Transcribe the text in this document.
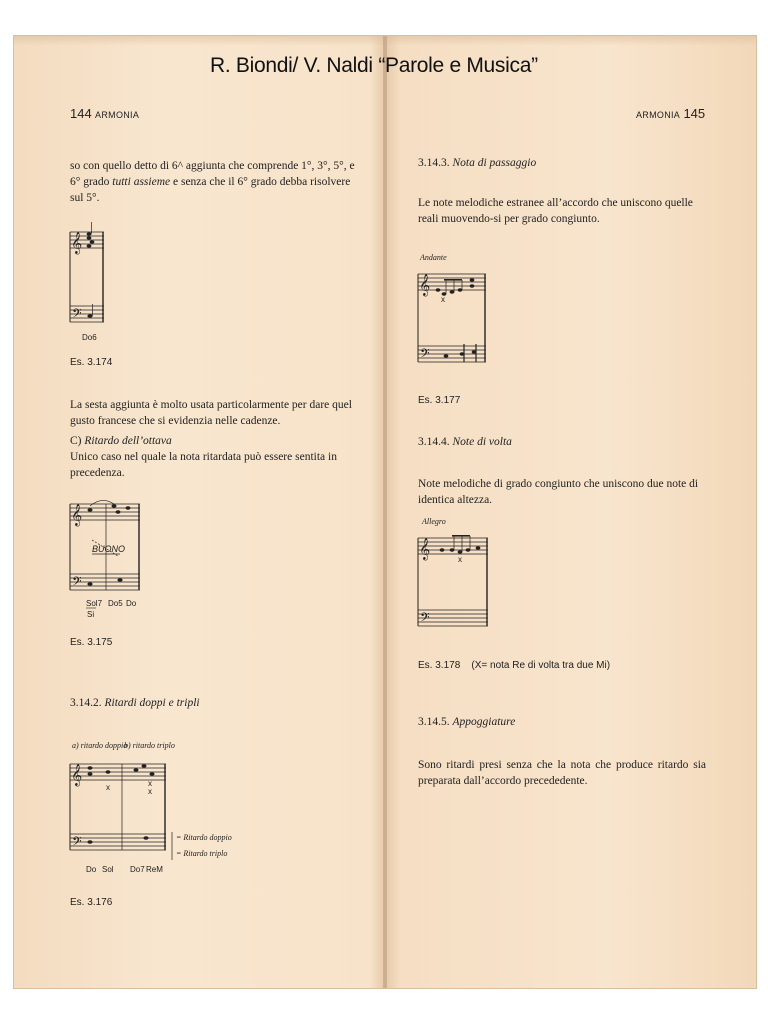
R. Biondi/ V. Naldi “Parole e Musica”
144 ARMONIA
so con quello detto di 6^ aggiunta che comprende 1°, 3°, 5°, e 6° grado tutti assieme e senza che il 6° grado debba risolvere sul 5°.
𝄞
𝄢
Do6
Es. 3.174
La sesta aggiunta è molto usata particolarmente per dare quel gusto francese che si evidenzia nelle cadenze.
C) Ritardo dell’ottava
Unico caso nel quale la nota ritardata può essere sentita in precedenza.
𝄞
𝄢
BUONO
Sol7
Si
Do5 Do
Es. 3.175
3.14.2. Ritardi doppi e tripli
a) ritardo doppio
b) ritardo triplo
𝄞
𝄢
x	x
x
Do Sol Do7 ReM
= Ritardo doppio
= Ritardo triplo
Es. 3.176
ARMONIA 145
3.14.3. Nota di passaggio
Le note melodiche estranee all’accordo che uniscono quelle reali muovendo-si per grado congiunto.
Andante
𝄞
𝄢
x
Es. 3.177
3.14.4. Note di volta
Note melodiche di grado congiunto che uniscono due note di identica altezza.
Allegro
𝄞
𝄢
x
Es. 3.178 (X= nota Re di volta tra due Mi)
3.14.5. Appoggiature
Sono ritardi presi senza che la nota che produce ritardo sia preparata dall’accordo precededente.
